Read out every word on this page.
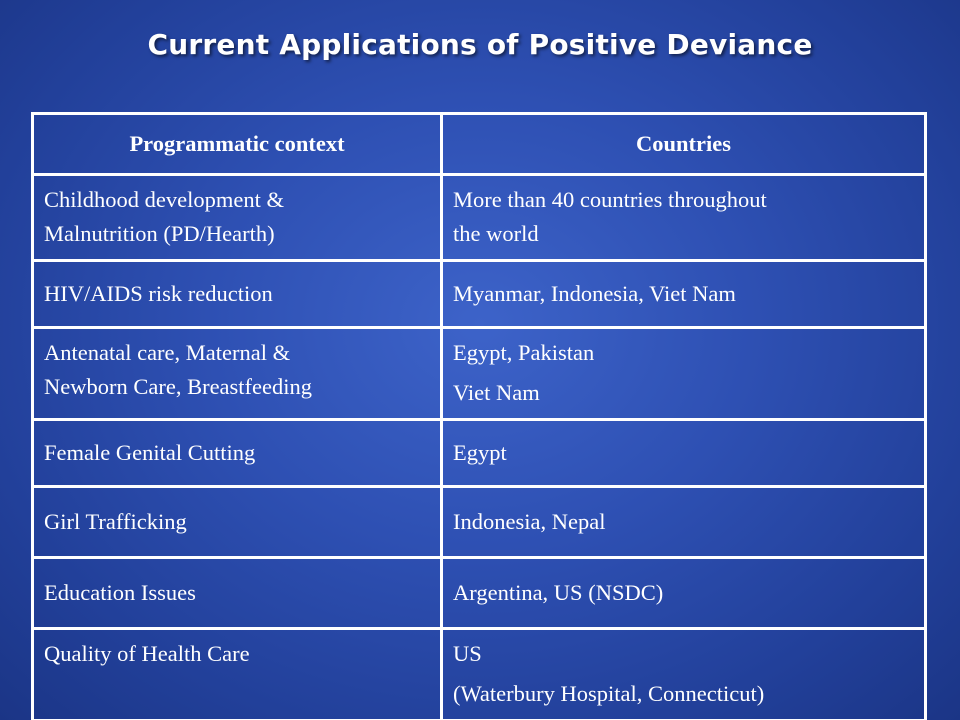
Current Applications of Positive Deviance
Programmatic context	Countries

Childhood development &
Malnutrition (PD/Hearth)	More than 40 countries throughout
the world

HIV/AIDS risk reduction	Myanmar, Indonesia, Viet Nam

Antenatal care, Maternal &
Newborn Care, Breastfeeding	Egypt, Pakistan
Viet Nam

Female Genital Cutting	Egypt

Girl Trafficking	Indonesia, Nepal

Education Issues	Argentina, US (NSDC)

Quality of Health Care	US
(Waterbury Hospital, Connecticut)
